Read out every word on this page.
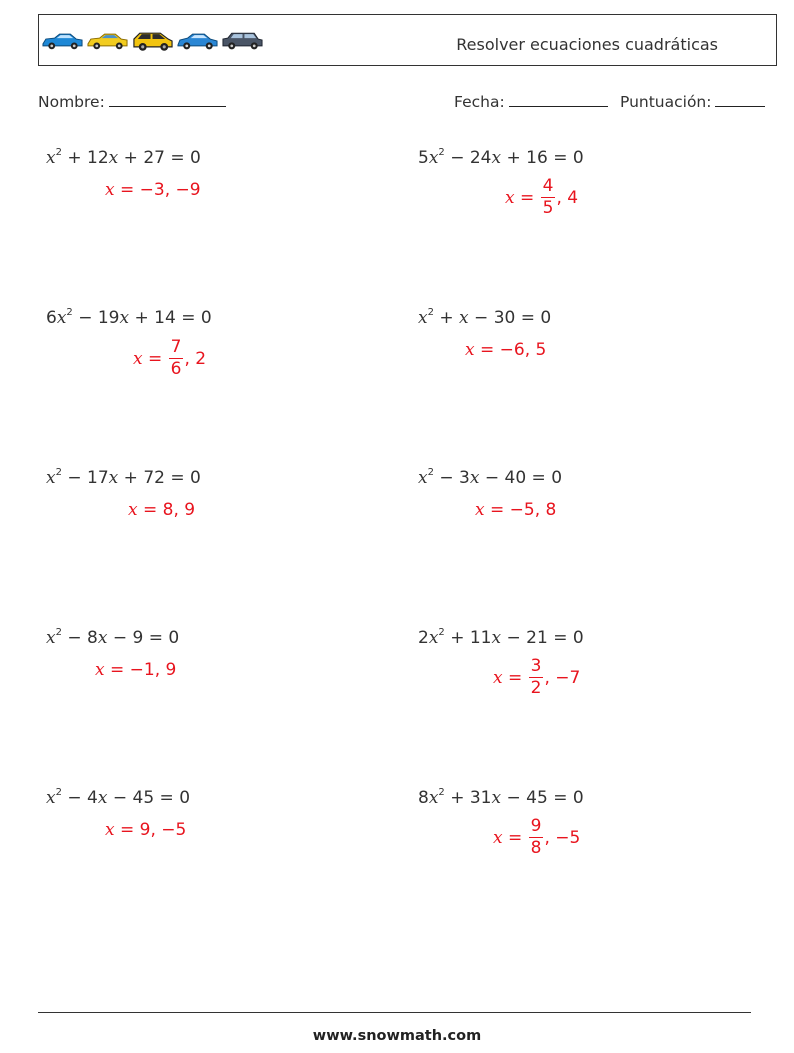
Resolver ecuaciones cuadráticas
Nombre:	Fecha:	Puntuación:
$x^2 + 12x + 27 = 0$
x = −3, −9
$5x^2 - 24x + 16 = 0$
$x = \frac{4}{5}$ , 4
$6x^2 - 19x + 14 = 0$
$x = \frac{7}{6}$ , 2
$x^2 + x - 30 = 0$
x = −6, 5
$x^2 - 17x + 72 = 0$
x = 8, 9
$x^2 - 3x - 40 = 0$
x = −5, 8
$x^2 - 8x - 9 = 0$
x = −1, 9
$2x^2 + 11x - 21 = 0$
$x = \frac{3}{2}$ , −7
$x^2 - 4x - 45 = 0$
x = 9, −5
$8x^2 + 31x - 45 = 0$
$x = \frac{9}{8}$ , −5
www.snowmath.com
